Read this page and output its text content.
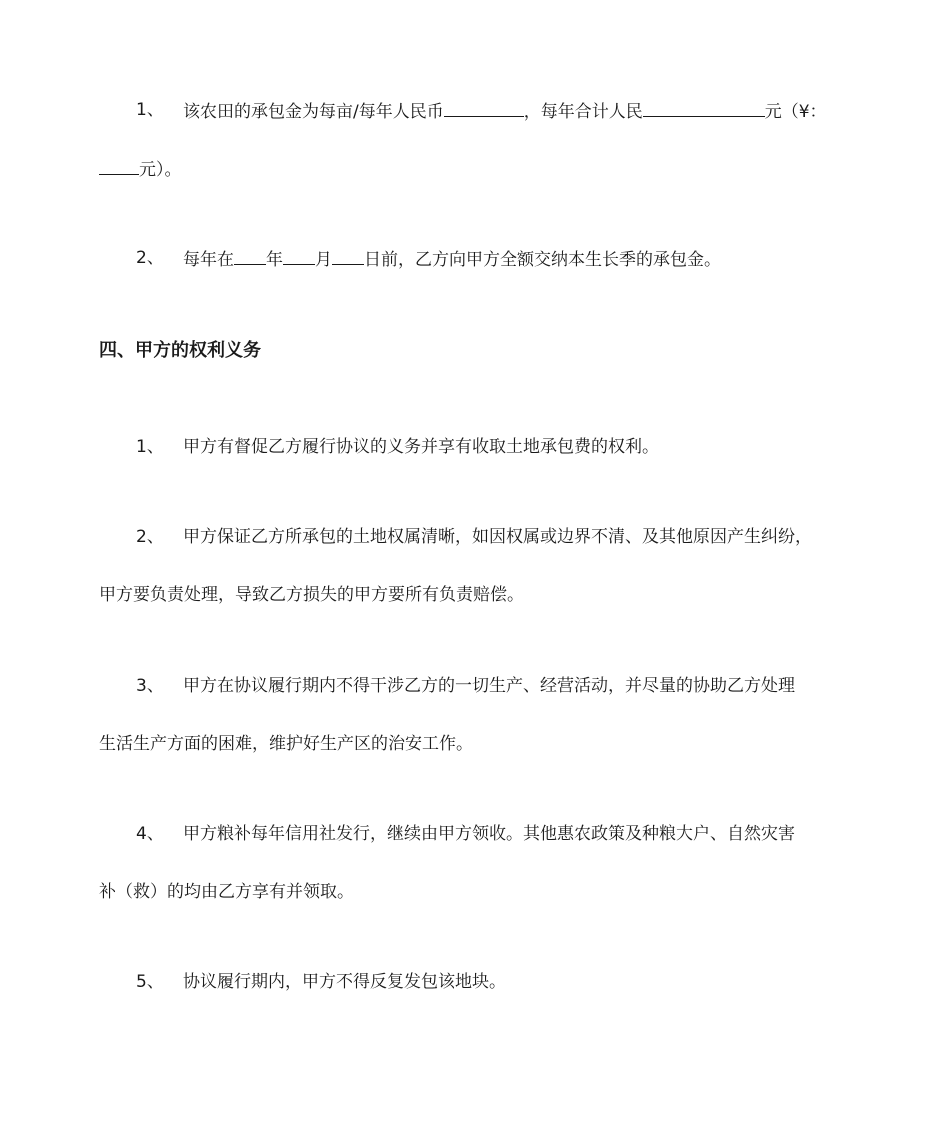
1、 该农田的承包金为每亩/每年人民币	，每年合计人民	元（¥：
元）。
2、 每年在 年 月 日前，乙方向甲方全额交纳本生长季的承包金。
四、甲方的权利义务
1、 甲方有督促乙方履行协议的义务并享有收取土地承包费的权利。
2、 甲方保证乙方所承包的土地权属清晰，如因权属或边界不清、及其他原因产生纠纷，
甲方要负责处理，导致乙方损失的甲方要所有负责赔偿。
3、 甲方在协议履行期内不得干涉乙方的一切生产、经营活动，并尽量的协助乙方处理
生活生产方面的困难，维护好生产区的治安工作。
4、 甲方粮补每年信用社发行，继续由甲方领收。其他惠农政策及种粮大户、自然灾害
补（救）的均由乙方享有并领取。
5、 协议履行期内，甲方不得反复发包该地块。
